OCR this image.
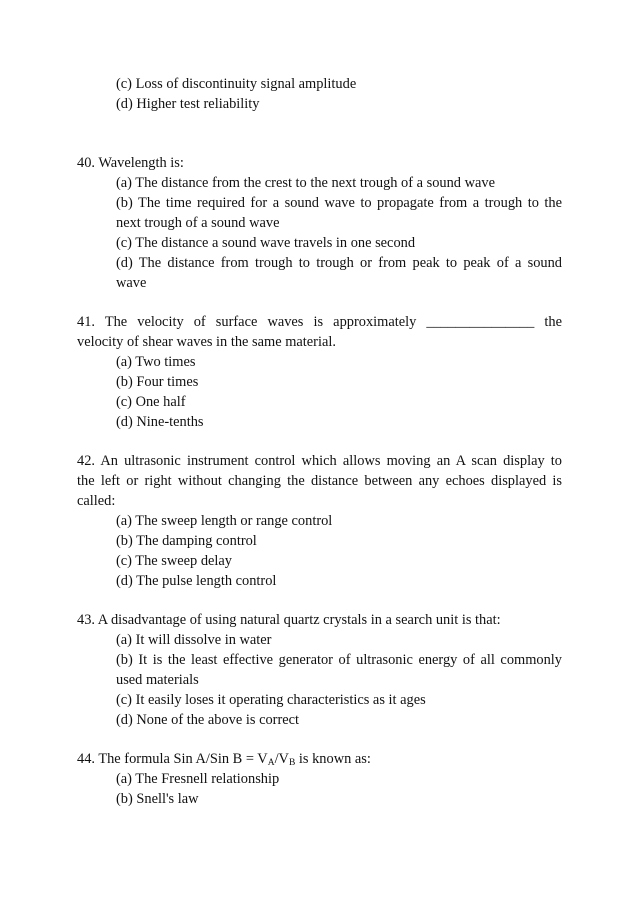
(c) Loss of discontinuity signal amplitude
(d) Higher test reliability
40. Wavelength is:
(a) The distance from the crest to the next trough of a sound wave
(b) The time required for a sound wave to propagate from a trough to the
next trough of a sound wave
(c) The distance a sound wave travels in one second
(d) The distance from trough to trough or from peak to peak of a sound
wave
41. The velocity of surface waves is approximately _______________ the
velocity of shear waves in the same material.
(a) Two times
(b) Four times
(c) One half
(d) Nine-tenths
42. An ultrasonic instrument control which allows moving an A scan display to
the left or right without changing the distance between any echoes displayed is
called:
(a) The sweep length or range control
(b) The damping control
(c) The sweep delay
(d) The pulse length control
43. A disadvantage of using natural quartz crystals in a search unit is that:
(a) It will dissolve in water
(b) It is the least effective generator of ultrasonic energy of all commonly
used materials
(c) It easily loses it operating characteristics as it ages
(d) None of the above is correct
44. The formula Sin A/Sin $B = V_A/V_B$ is known as:
(a) The Fresnell relationship
(b) Snell's law
